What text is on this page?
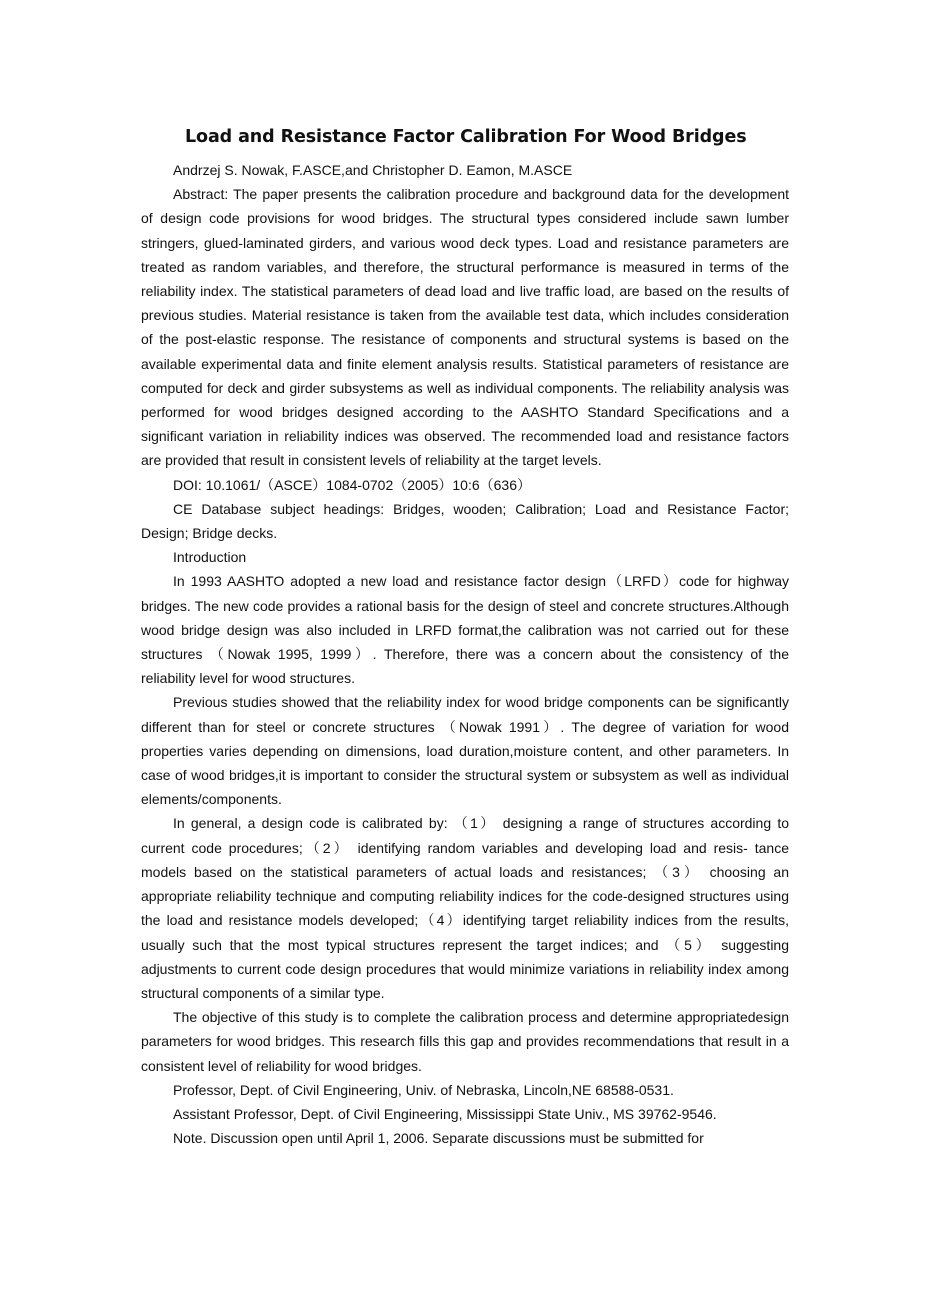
Load and Resistance Factor Calibration For Wood Bridges

Andrzej S. Nowak, F.ASCE,and Christopher D. Eamon, M.ASCE

Abstract: The paper presents the calibration procedure and background data for the development of design code provisions for wood bridges. The structural types considered include sawn lumber stringers, glued-laminated girders, and various wood deck types. Load and resistance parameters are treated as random variables, and therefore, the structural performance is measured in terms of the reliability index. The statistical parameters of dead load and live trafﬁc load, are based on the results of previous studies. Material resistance is taken from the available test data, which includes consideration of the post-elastic response. The resistance of components and structural systems is based on the available experimental data and ﬁnite element analysis results. Statistical parameters of resistance are computed for deck and girder subsystems as well as individual components. The reliability analysis was performed for wood bridges designed according to the AASHTO Standard Speciﬁcations and a signiﬁcant variation in reliability indices was observed. The recommended load and resistance factors are provided that result in consistent levels of reliability at the target levels.

DOI: 10.1061/（ASCE）1084-0702（2005）10:6（636）

CE Database subject headings: Bridges, wooden; Calibration; Load and Resistance Factor; Design; Bridge decks.

Introduction

In 1993 AASHTO adopted a new load and resistance factor design（LRFD）code for highway bridges. The new code provides a rational basis for the design of steel and concrete structures.Although wood bridge design was also included in LRFD format,the calibration was not carried out for these structures （Nowak 1995, 1999）. Therefore, there was a concern about the consistency of the reliability level for wood structures.

Previous studies showed that the reliability index for wood bridge components can be signiﬁcantly different than for steel or concrete structures （Nowak 1991）. The degree of variation for wood properties varies depending on dimensions, load duration,moisture content, and other parameters. In case of wood bridges,it is important to consider the structural system or subsystem as well as individual elements/components.

In general, a design code is calibrated by: （1） designing a range of structures according to current code procedures;（2） identifying random variables and developing load and resis- tance models based on the statistical parameters of actual loads and resistances; （3） choosing an appropriate reliability technique and computing reliability indices for the code-designed structures using the load and resistance models developed;（4）identifying target reliability indices from the results, usually such that the most typical structures represent the target indices; and （5） suggesting adjustments to current code design procedures that would minimize variations in reliability index among structural components of a similar type.

The objective of this study is to complete the calibration process and determine appropriatedesign parameters for wood bridges. This research ﬁlls this gap and provides recommendations that result in a consistent level of reliability for wood bridges.

Professor, Dept. of Civil Engineering, Univ. of Nebraska, Lincoln,NE 68588-0531.

Assistant Professor, Dept. of Civil Engineering, Mississippi State Univ., MS 39762-9546.

Note. Discussion open until April 1, 2006. Separate discussions must be submitted for
